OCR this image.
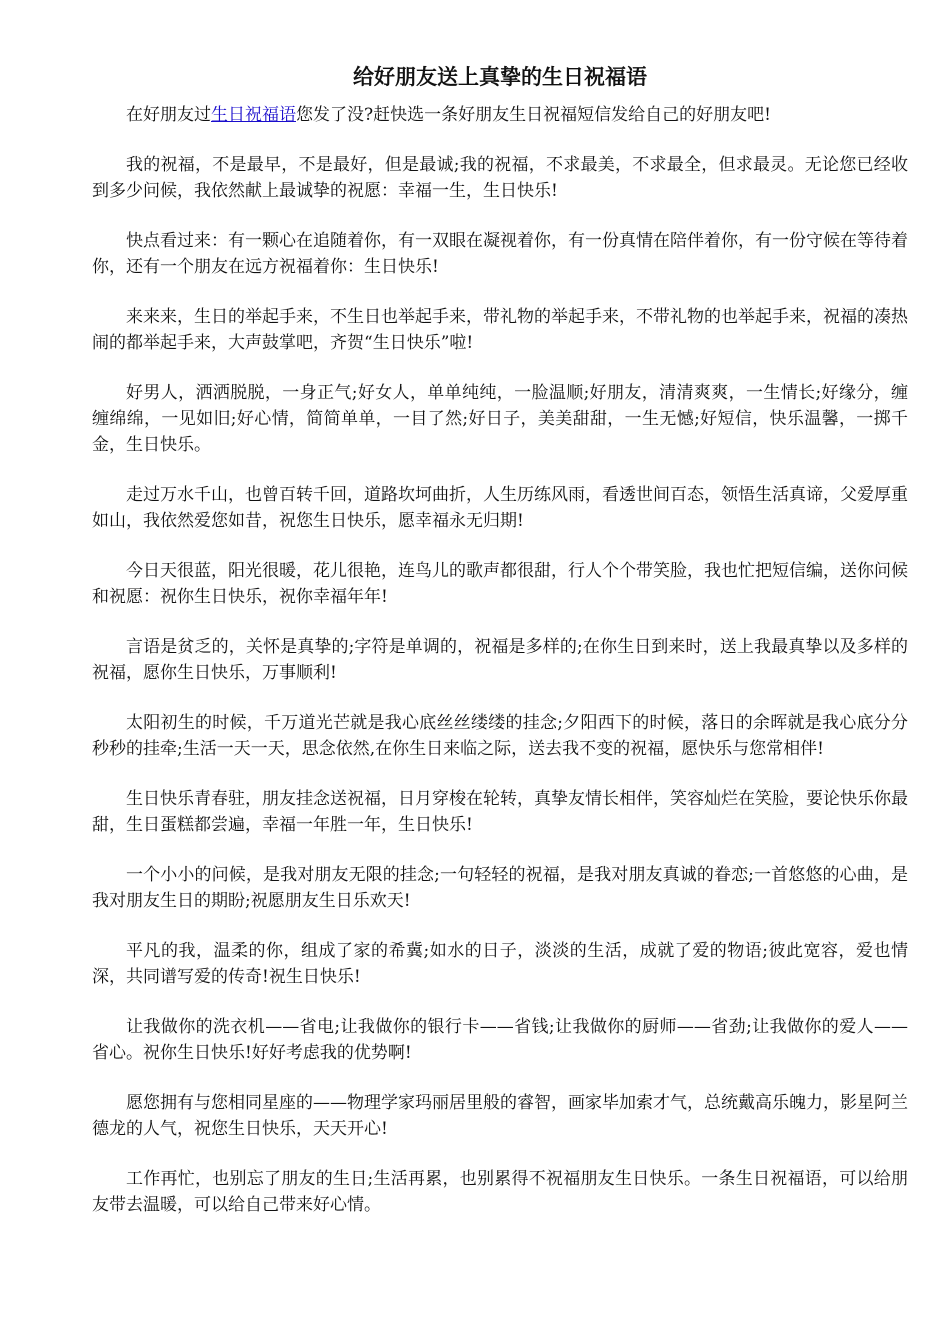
给好朋友送上真挚的生日祝福语

在好朋友过生日祝福语您发了没?赶快选一条好朋友生日祝福短信发给自己的好朋友吧!

我的祝福，不是最早，不是最好，但是最诚;我的祝福，不求最美，不求最全，但求最灵。无论您已经收到多少问候，我依然献上最诚挚的祝愿：幸福一生，生日快乐!

快点看过来：有一颗心在追随着你，有一双眼在凝视着你，有一份真情在陪伴着你，有一份守候在等待着你，还有一个朋友在远方祝福着你：生日快乐!

来来来，生日的举起手来，不生日也举起手来，带礼物的举起手来，不带礼物的也举起手来，祝福的凑热闹的都举起手来，大声鼓掌吧，齐贺“生日快乐”啦!

好男人，洒洒脱脱，一身正气;好女人，单单纯纯，一脸温顺;好朋友，清清爽爽，一生情长;好缘分，缠缠绵绵，一见如旧;好心情，简简单单，一目了然;好日子，美美甜甜，一生无憾;好短信，快乐温馨，一掷千金，生日快乐。

走过万水千山，也曾百转千回，道路坎坷曲折，人生历练风雨，看透世间百态，领悟生活真谛，父爱厚重如山，我依然爱您如昔，祝您生日快乐，愿幸福永无归期!

今日天很蓝，阳光很暖，花儿很艳，连鸟儿的歌声都很甜，行人个个带笑脸，我也忙把短信编，送你问候和祝愿：祝你生日快乐，祝你幸福年年!

言语是贫乏的，关怀是真挚的;字符是单调的，祝福是多样的;在你生日到来时，送上我最真挚以及多样的祝福，愿你生日快乐，万事顺利!

太阳初生的时候，千万道光芒就是我心底丝丝缕缕的挂念;夕阳西下的时候，落日的余晖就是我心底分分秒秒的挂牵;生活一天一天，思念依然,在你生日来临之际，送去我不变的祝福，愿快乐与您常相伴!

生日快乐青春驻，朋友挂念送祝福，日月穿梭在轮转，真挚友情长相伴，笑容灿烂在笑脸，要论快乐你最甜，生日蛋糕都尝遍，幸福一年胜一年，生日快乐!

一个小小的问候，是我对朋友无限的挂念;一句轻轻的祝福，是我对朋友真诚的眷恋;一首悠悠的心曲，是我对朋友生日的期盼;祝愿朋友生日乐欢天!

平凡的我，温柔的你，组成了家的希冀;如水的日子，淡淡的生活，成就了爱的物语;彼此宽容，爱也情深，共同谱写爱的传奇!祝生日快乐!

让我做你的洗衣机——省电;让我做你的银行卡——省钱;让我做你的厨师——省劲;让我做你的爱人——省心。祝你生日快乐!好好考虑我的优势啊!

愿您拥有与您相同星座的——物理学家玛丽居里般的睿智，画家毕加索才气，总统戴高乐魄力，影星阿兰德龙的人气，祝您生日快乐，天天开心!

工作再忙，也别忘了朋友的生日;生活再累，也别累得不祝福朋友生日快乐。一条生日祝福语，可以给朋友带去温暖，可以给自己带来好心情。
